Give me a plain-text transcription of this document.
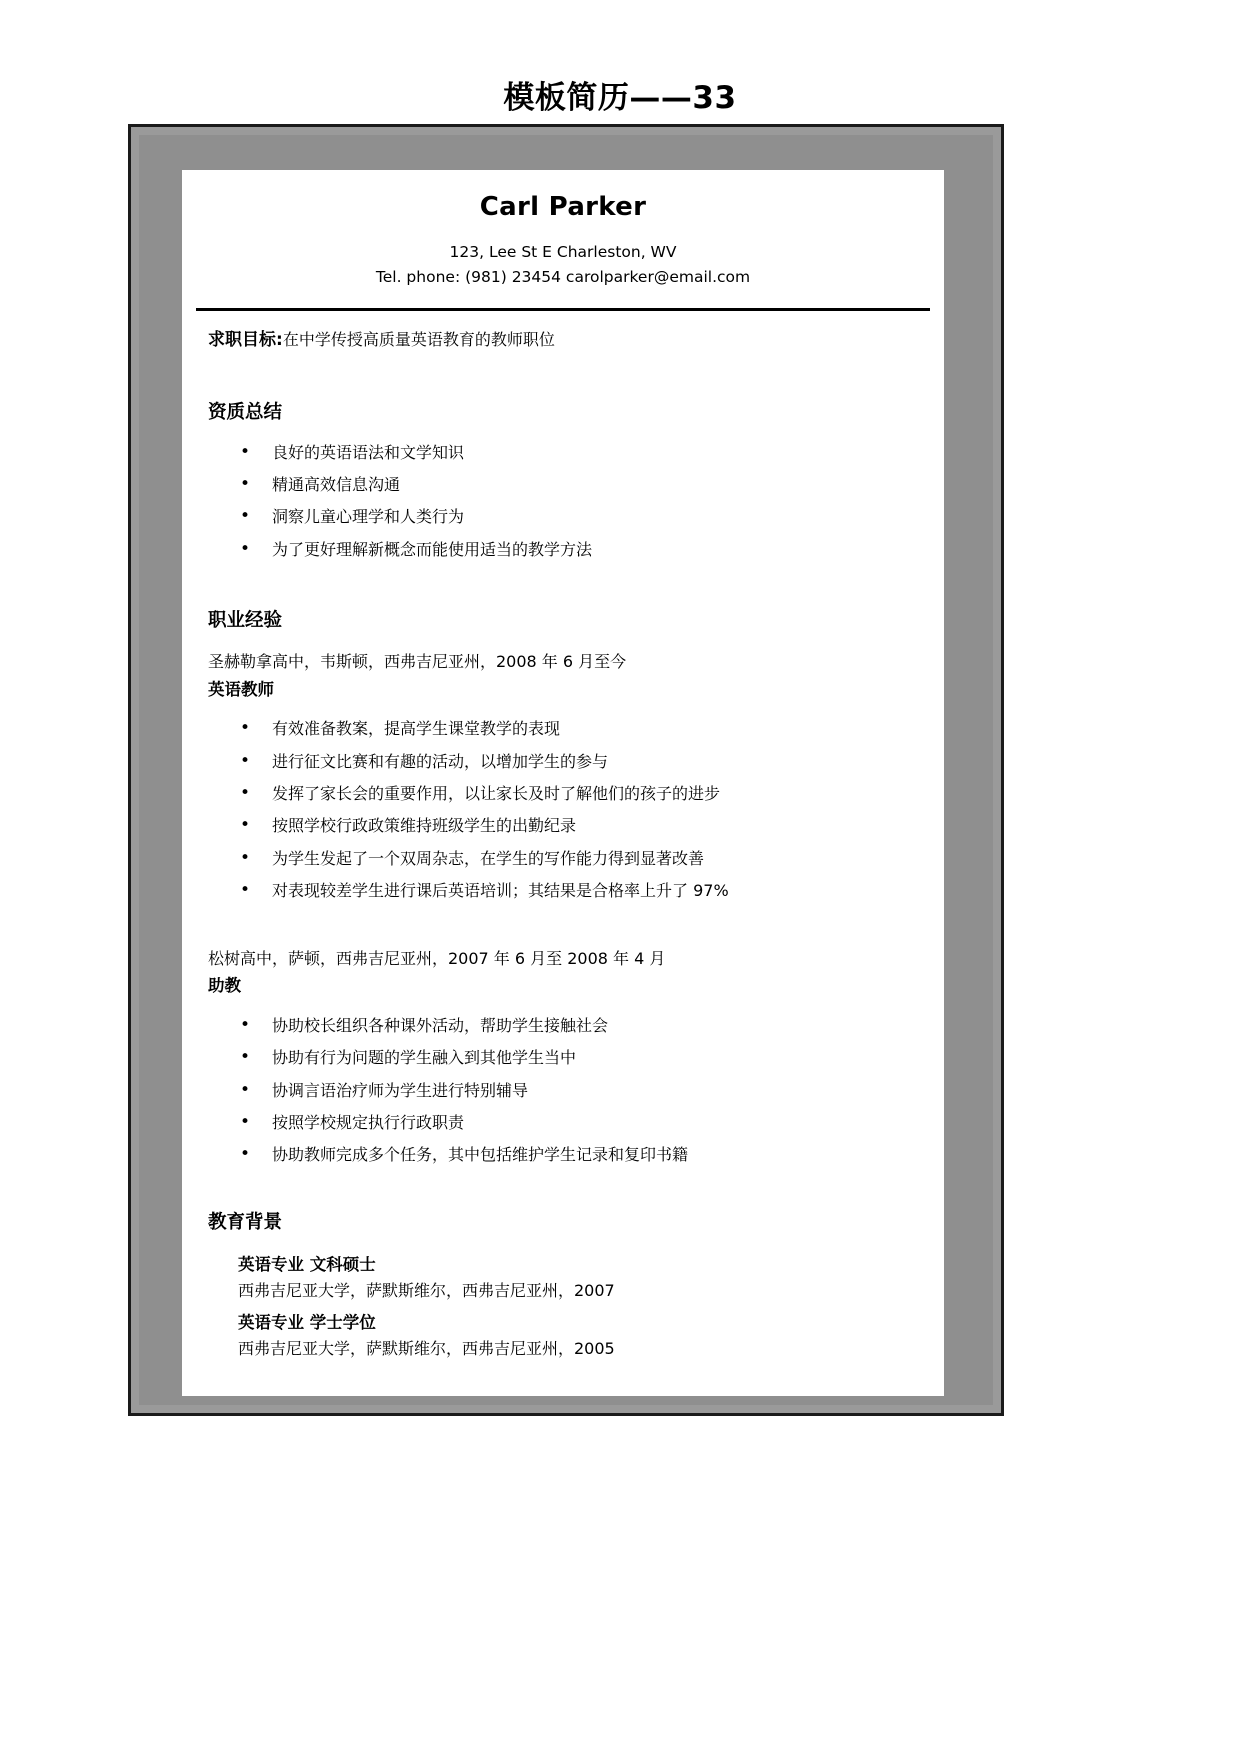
模板简历——33
Carl Parker
123, Lee St E Charleston, WV
Tel. phone: (981) 23454 carolparker@email.com
求职目标:在中学传授高质量英语教育的教师职位
资质总结
• 良好的英语语法和文学知识
• 精通高效信息沟通
• 洞察儿童心理学和人类行为
• 为了更好理解新概念而能使用适当的教学方法
职业经验
圣赫勒拿高中，韦斯顿，西弗吉尼亚州，2008 年 6 月至今
英语教师
• 有效准备教案，提高学生课堂教学的表现
• 进行征文比赛和有趣的活动，以增加学生的参与
• 发挥了家长会的重要作用，以让家长及时了解他们的孩子的进步
• 按照学校行政政策维持班级学生的出勤纪录
• 为学生发起了一个双周杂志，在学生的写作能力得到显著改善
• 对表现较差学生进行课后英语培训；其结果是合格率上升了 97%
松树高中，萨顿，西弗吉尼亚州，2007 年 6 月至 2008 年 4 月
助教
• 协助校长组织各种课外活动，帮助学生接触社会
• 协助有行为问题的学生融入到其他学生当中
• 协调言语治疗师为学生进行特别辅导
• 按照学校规定执行行政职责
• 协助教师完成多个任务，其中包括维护学生记录和复印书籍
教育背景
英语专业 文科硕士
西弗吉尼亚大学，萨默斯维尔，西弗吉尼亚州，2007
英语专业 学士学位
西弗吉尼亚大学，萨默斯维尔，西弗吉尼亚州，2005
